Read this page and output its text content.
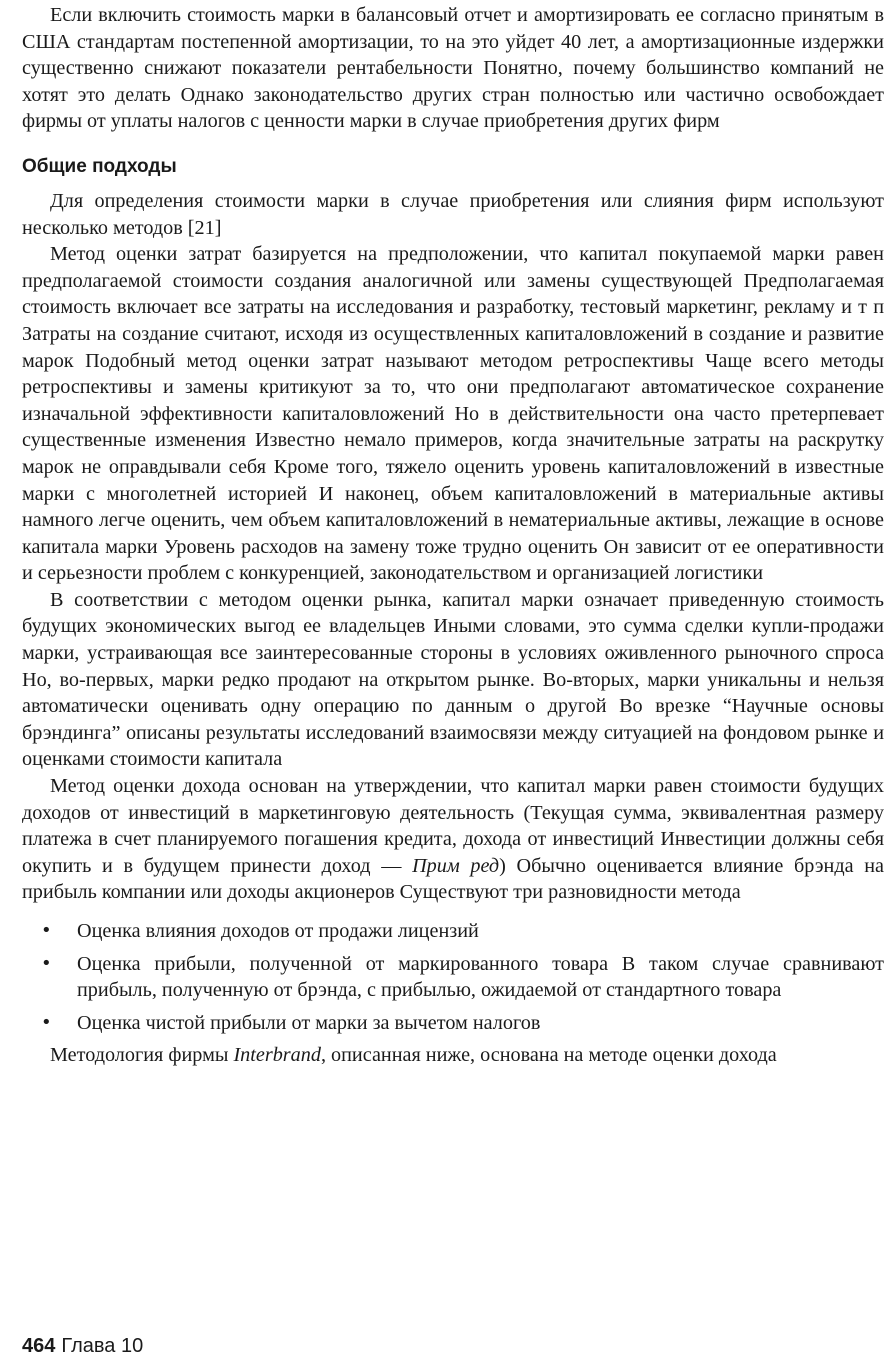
Если включить стоимость марки в балансовый отчет и амортизировать ее согласно принятым в США стандартам постепенной амортизации, то на это уйдет 40 лет, а амортизационные издержки существенно снижают показатели рентабельности Понятно, почему большинство компаний не хотят это делать Однако законодательство других стран полностью или частично освобождает фирмы от уплаты налогов с ценности марки в случае приобретения других фирм

Общие подходы

Для определения стоимости марки в случае приобретения или слияния фирм используют несколько методов [21]

Метод оценки затрат базируется на предположении, что капитал покупаемой марки равен предполагаемой стоимости создания аналогичной или замены существующей Предполагаемая стоимость включает все затраты на исследования и разработку, тестовый маркетинг, рекламу и т п Затраты на создание считают, исходя из осуществленных капиталовложений в создание и развитие марок Подобный метод оценки затрат называют методом ретроспективы Чаще всего методы ретроспективы и замены критикуют за то, что они предполагают автоматическое сохранение изначальной эффективности капиталовложений Но в действительности она часто претерпевает существенные изменения Известно немало примеров, когда значительные затраты на раскрутку марок не оправдывали себя Кроме того, тяжело оценить уровень капиталовложений в известные марки с многолетней историей И наконец, объем капиталовложений в материальные активы намного легче оценить, чем объем капиталовложений в нематериальные активы, лежащие в основе капитала марки Уровень расходов на замену тоже трудно оценить Он зависит от ее оперативности и серьезности проблем с конкуренцией, законодательством и организацией логистики

В соответствии с методом оценки рынка, капитал марки означает приведенную стоимость будущих экономических выгод ее владельцев Иными словами, это сумма сделки купли-продажи марки, устраивающая все заинтересованные стороны в условиях оживленного рыночного спроса Но, во-первых, марки редко продают на открытом рынке. Во-вторых, марки уникальны и нельзя автоматически оценивать одну операцию по данным о другой Во врезке “Научные основы брэндинга” описаны результаты исследований взаимосвязи между ситуацией на фондовом рынке и оценками стоимости капитала

Метод оценки дохода основан на утверждении, что капитал марки равен стоимости будущих доходов от инвестиций в маркетинговую деятельность (Текущая сумма, эквивалентная размеру платежа в счет планируемого погашения кредита, дохода от инвестиций Инвестиции должны себя окупить и в будущем принести доход — Прим ред) Обычно оценивается влияние брэнда на прибыль компании или доходы акционеров Существуют три разновидности метода

• Оценка влияния доходов от продажи лицензий
• Оценка прибыли, полученной от маркированного товара В таком случае сравнивают прибыль, полученную от брэнда, с прибылью, ожидаемой от стандартного товара
• Оценка чистой прибыли от марки за вычетом налогов

Методология фирмы Interbrand, описанная ниже, основана на методе оценки дохода

464 Глава 10
